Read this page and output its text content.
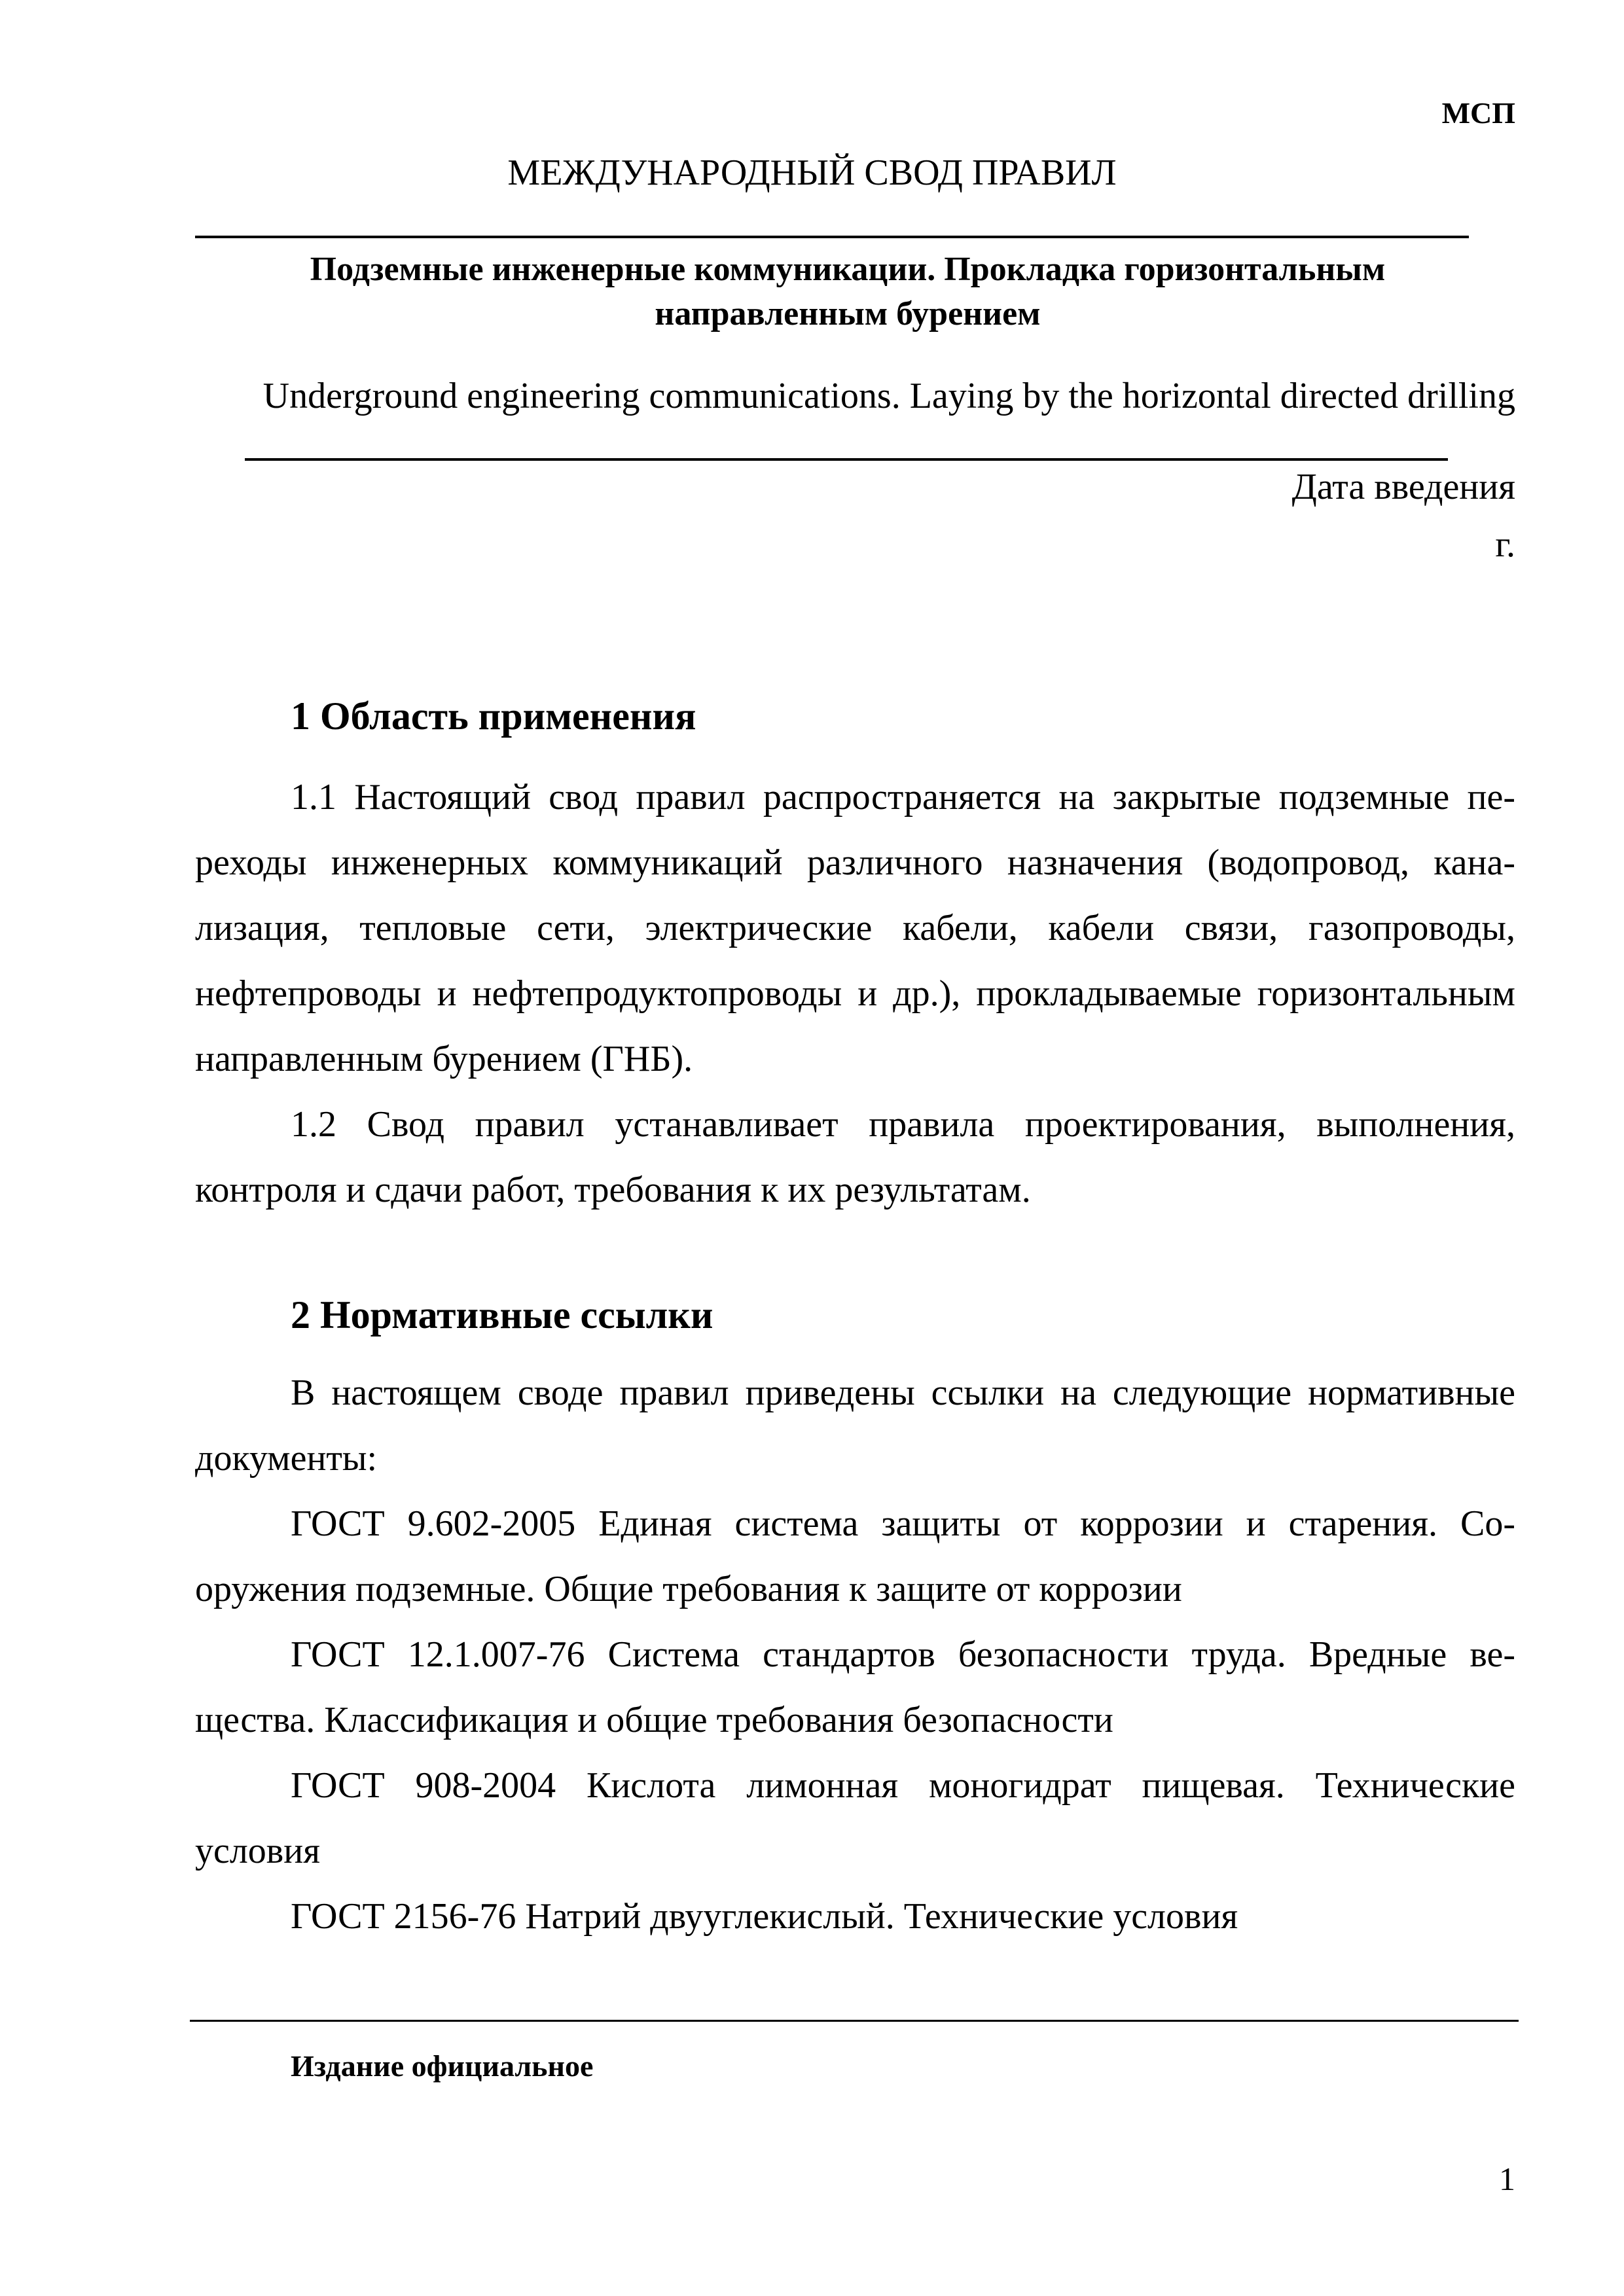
МСП
МЕЖДУНАРОДНЫЙ СВОД ПРАВИЛ
Подземные инженерные коммуникации. Прокладка горизонтальным направленным бурением
Underground engineering communications. Laying by the horizontal directed drilling
Дата введения
г.
1 Область применения

1.1 Настоящий свод правил распространяется на закрытые подземные переходы инженерных коммуникаций различного назначения (водопровод, канализация, тепловые сети, электрические кабели, кабели связи, газопроводы, нефтепроводы и нефтепродуктопроводы и др.), прокладываемые горизонтальным направленным бурением (ГНБ).

1.2 Свод правил устанавливает правила проектирования, выполнения, контроля и сдачи работ, требования к их результатам.

2 Нормативные ссылки

В настоящем своде правил приведены ссылки на следующие нормативные документы:

ГОСТ 9.602-2005 Единая система защиты от коррозии и старения. Сооружения подземные. Общие требования к защите от коррозии

ГОСТ 12.1.007-76 Система стандартов безопасности труда. Вредные вещества. Классификация и общие требования безопасности

ГОСТ 908-2004 Кислота лимонная моногидрат пищевая. Технические условия

ГОСТ 2156-76 Натрий двууглекислый. Технические условия

Издание официальное
1
